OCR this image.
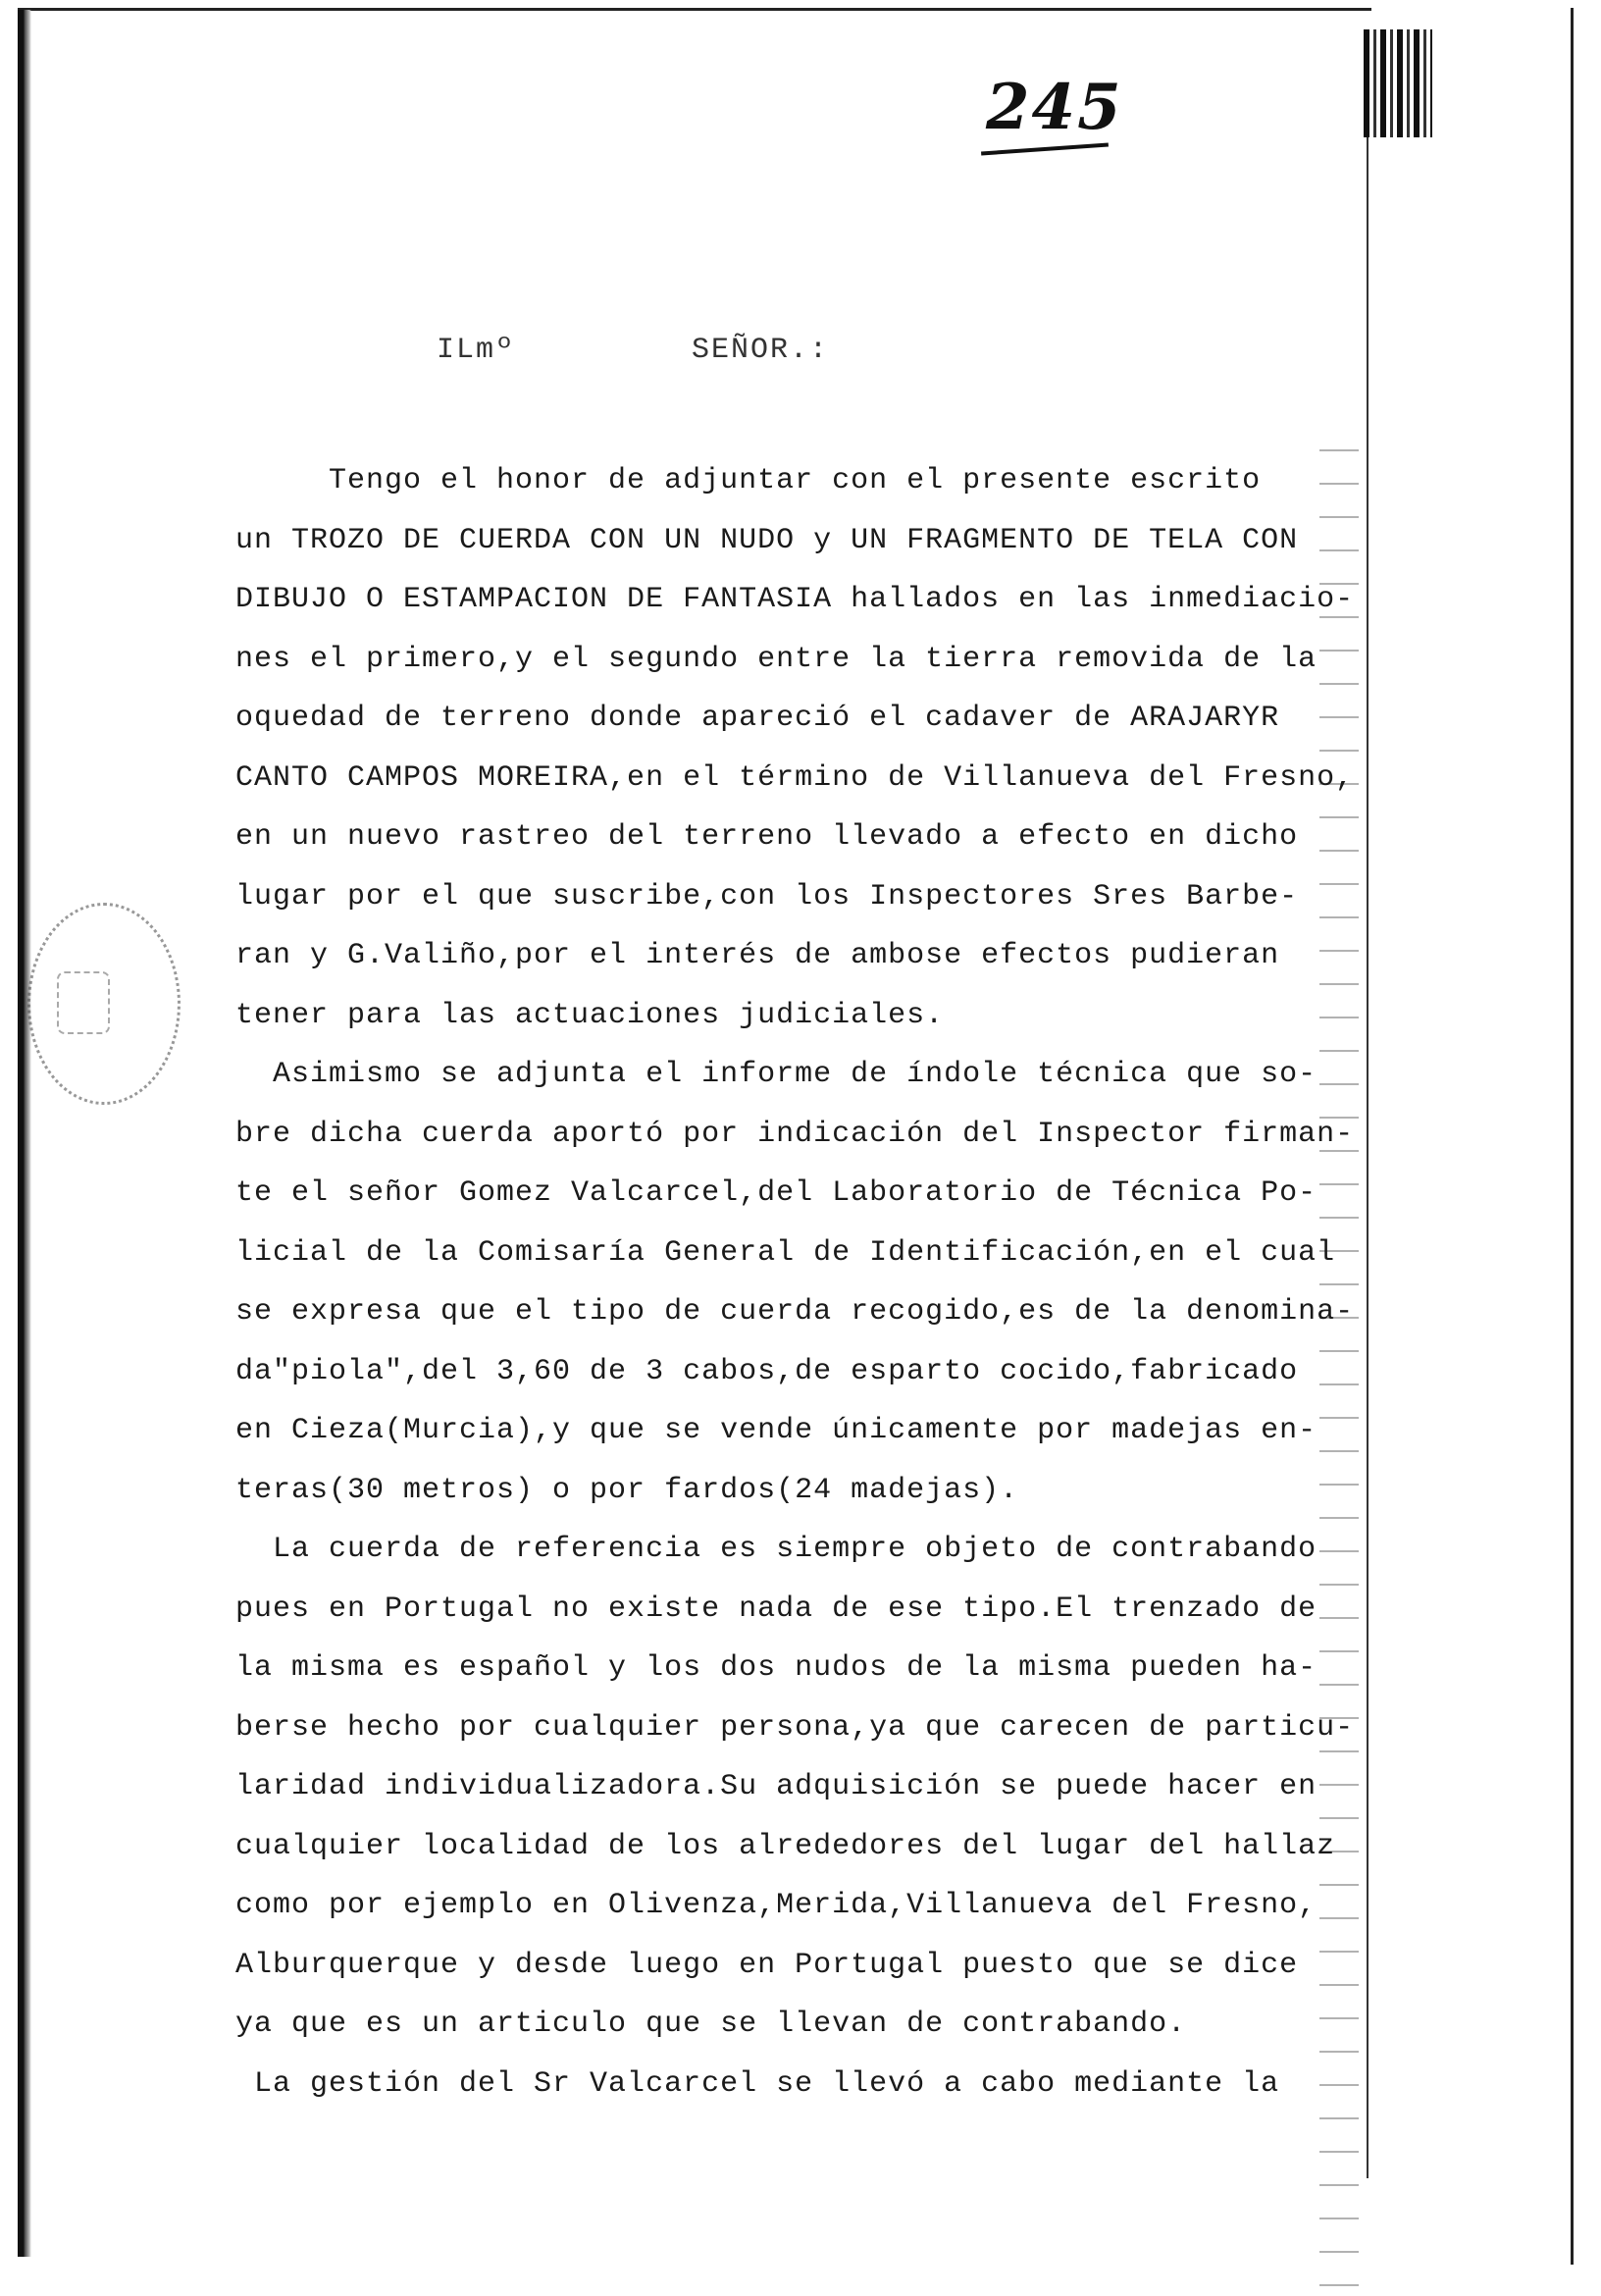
245
ILmº         SEÑOR.:
Tengo el honor de adjuntar con el presente escrito
un TROZO DE CUERDA CON UN NUDO y UN FRAGMENTO DE TELA CON
DIBUJO O ESTAMPACION DE FANTASIA hallados en las inmediacio-
nes el primero,y el segundo entre la tierra removida de la
oquedad de terreno donde apareció el cadaver de ARAJARYR
CANTO CAMPOS MOREIRA,en el término de Villanueva del Fresno,
en un nuevo rastreo del terreno llevado a efecto en dicho
lugar por el que suscribe,con los Inspectores Sres Barbe-
ran y G.Valiño,por el interés de ambose efectos pudieran
tener para las actuaciones judiciales.
Asimismo se adjunta el informe de índole técnica que so-
bre dicha cuerda aportó por indicación del Inspector firman-
te el señor Gomez Valcarcel,del Laboratorio de Técnica Po-
licial de la Comisaría General de Identificación,en el cual
se expresa que el tipo de cuerda recogido,es de la denomina-
da"piola",del 3,60 de 3 cabos,de esparto cocido,fabricado
en Cieza(Murcia),y que se vende únicamente por madejas en-
teras(30 metros) o por fardos(24 madejas).
La cuerda de referencia es siempre objeto de contrabando
pues en Portugal no existe nada de ese tipo.El trenzado de
la misma es español y los dos nudos de la misma pueden ha-
berse hecho por cualquier persona,ya que carecen de particu-
laridad individualizadora.Su adquisición se puede hacer en
cualquier localidad de los alrededores del lugar del hallaz
como por ejemplo en Olivenza,Merida,Villanueva del Fresno,
Alburquerque y desde luego en Portugal puesto que se dice
ya que es un articulo que se llevan de contrabando.
La gestión del Sr Valcarcel se llevó a cabo mediante la
